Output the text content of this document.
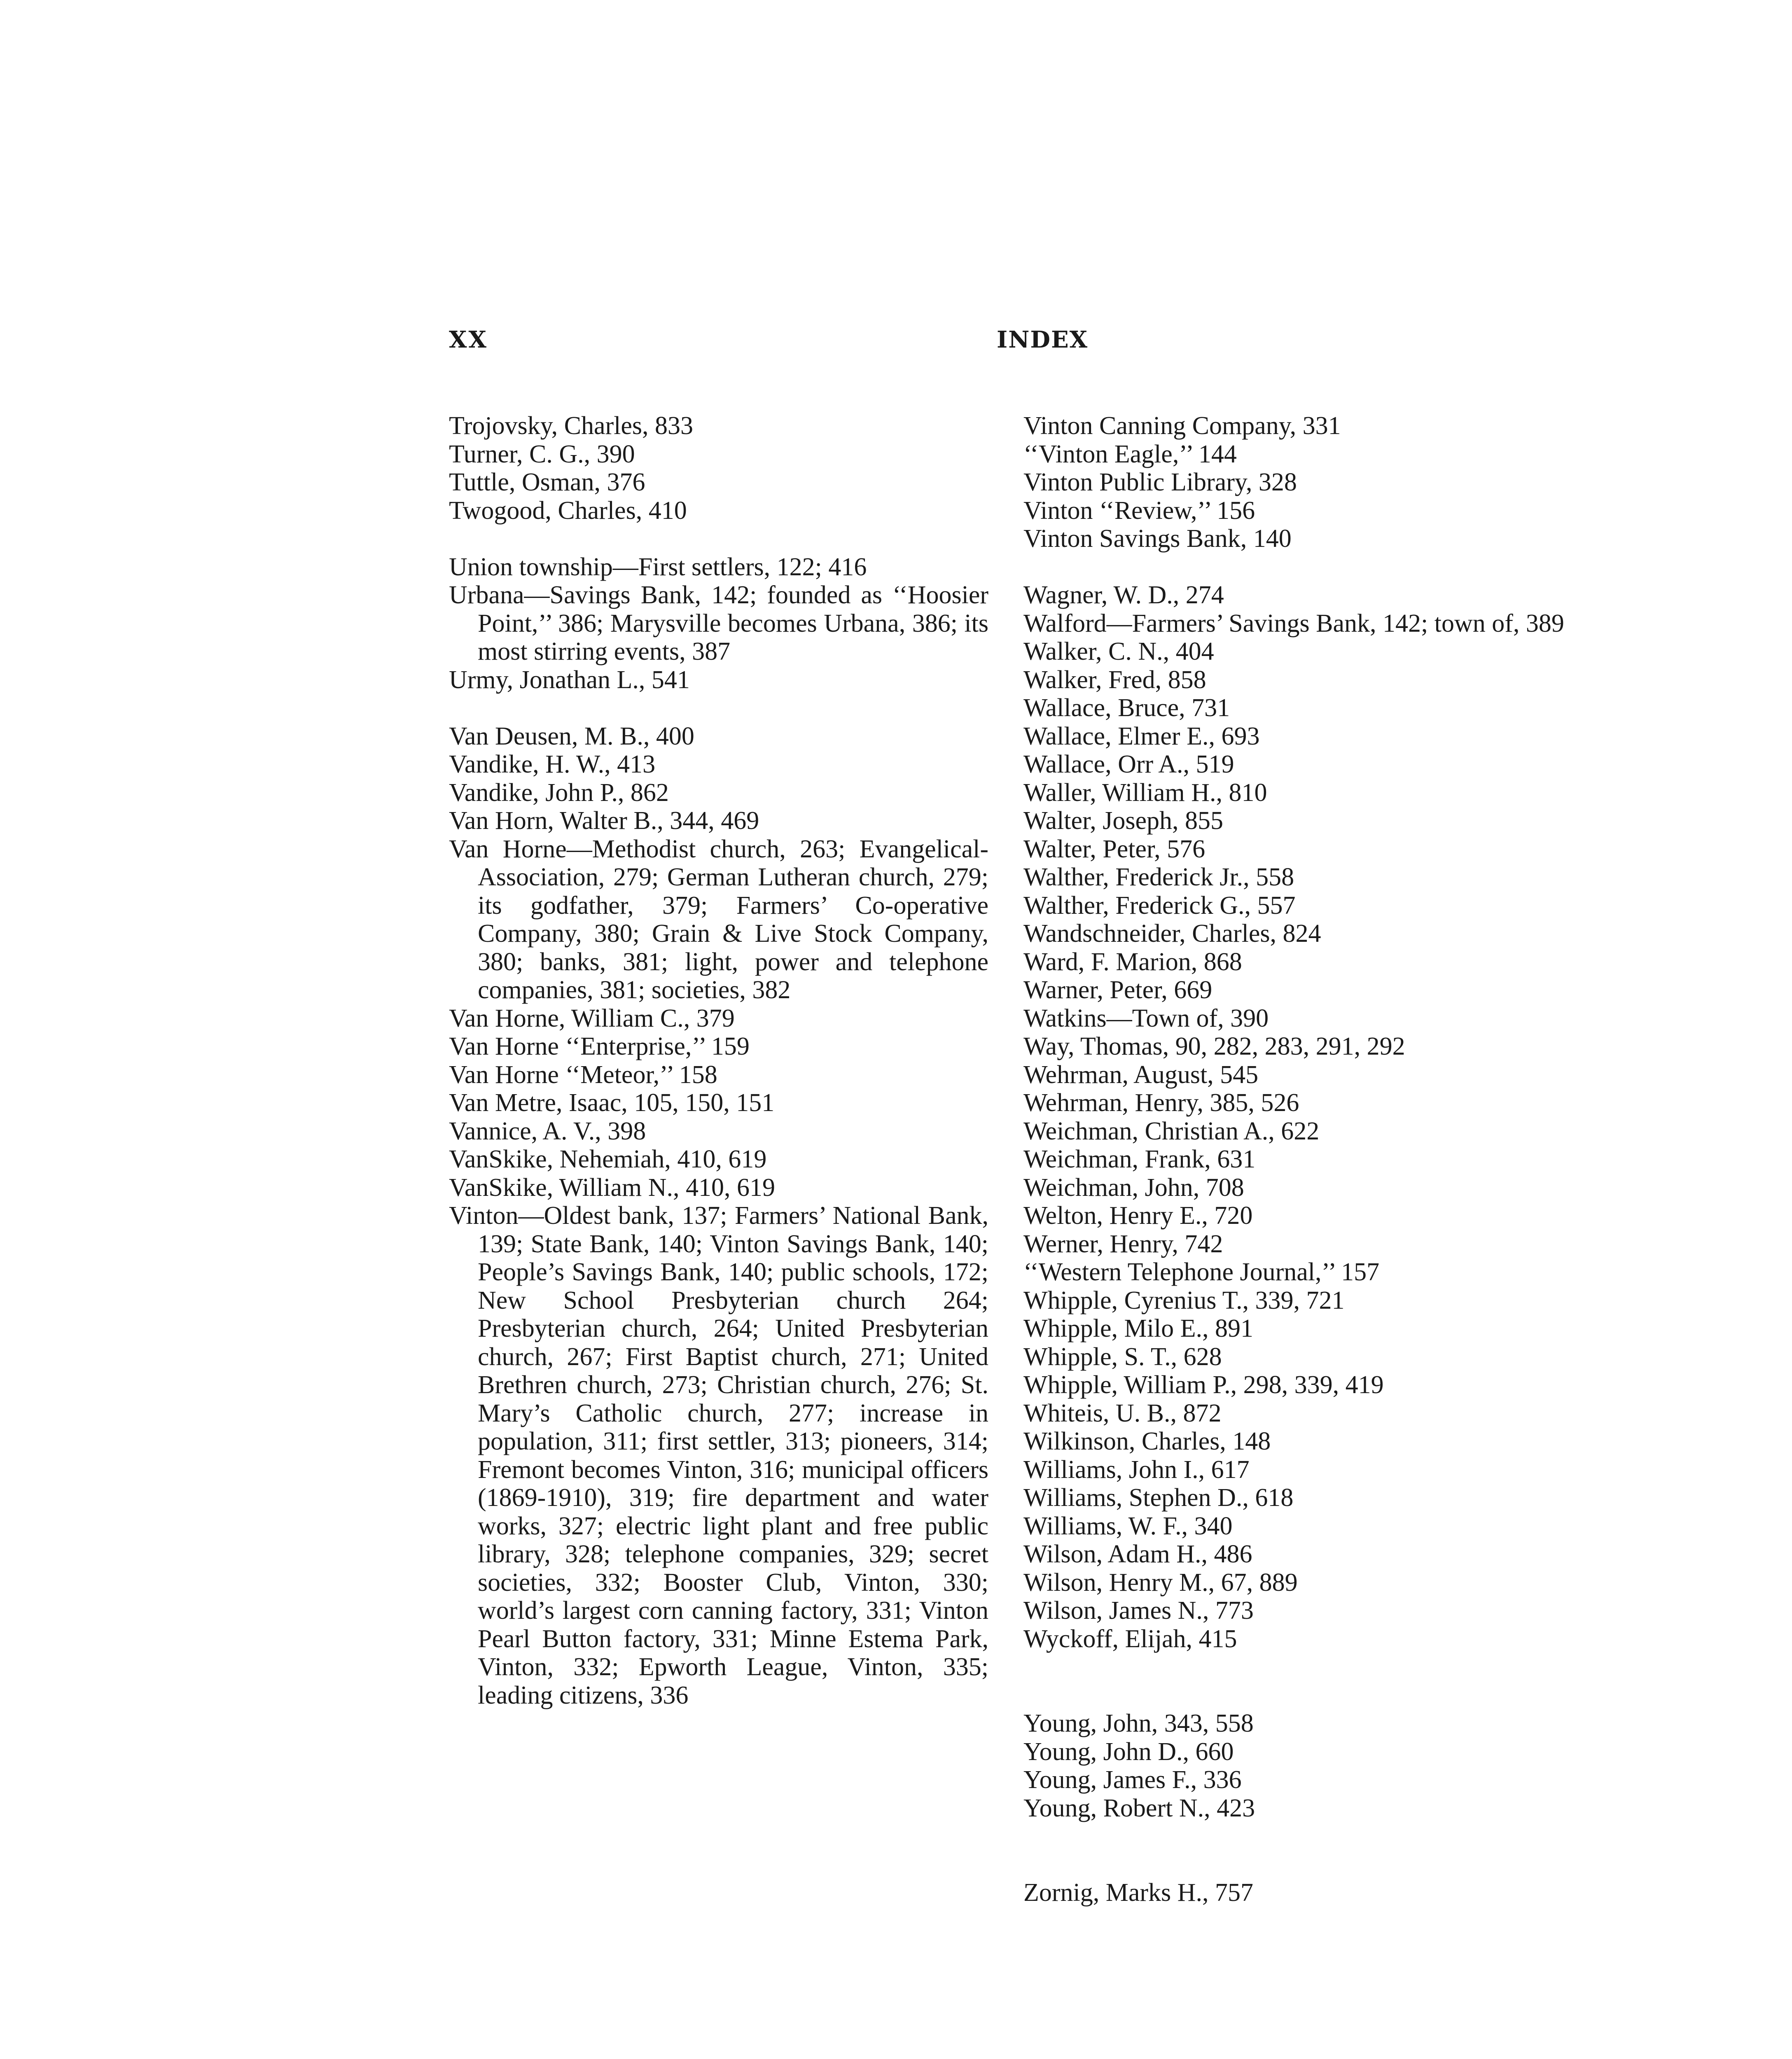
XX	INDEX
Trojovsky, Charles, 833
Turner, C. G., 390
Tuttle, Osman, 376
Twogood, Charles, 410
Union township—First settlers, 122; 416
Urbana—Savings Bank, 142; founded as ‘‘Hoosier Point,’’ 386; Marysville becomes Urbana, 386; its most stirring events, 387
Urmy, Jonathan L., 541
Van Deusen, M. B., 400
Vandike, H. W., 413
Vandike, John P., 862
Van Horn, Walter B., 344, 469
Van Horne—Methodist church, 263; Evangelical- Association, 279; German Lutheran church, 279; its godfather, 379; Farmers’ Co-operative Company, 380; Grain & Live Stock Company, 380; banks, 381; light, power and telephone companies, 381; societies, 382
Van Horne, William C., 379
Van Horne ‘‘Enterprise,’’ 159
Van Horne ‘‘Meteor,’’ 158
Van Metre, Isaac, 105, 150, 151
Vannice, A. V., 398
VanSkike, Nehemiah, 410, 619
VanSkike, William N., 410, 619
Vinton—Oldest bank, 137; Farmers’ National Bank, 139; State Bank, 140; Vinton Savings Bank, 140; People’s Savings Bank, 140; public schools, 172; New School Presbyterian church 264; Presbyterian church, 264; United Presbyterian church, 267; First Baptist church, 271; United Brethren church, 273; Christian church, 276; St. Mary’s Catholic church, 277; increase in population, 311; first settler, 313; pioneers, 314; Fremont becomes Vinton, 316; municipal officers (1869-1910), 319; fire department and water works, 327; electric light plant and free public library, 328; telephone companies, 329; secret societies, 332; Booster Club, Vinton, 330; world’s largest corn canning factory, 331; Vinton Pearl Button factory, 331; Minne Estema Park, Vinton, 332; Epworth League, Vinton, 335; leading citizens, 336
Vinton Canning Company, 331
‘‘Vinton Eagle,’’ 144
Vinton Public Library, 328
Vinton ‘‘Review,’’ 156
Vinton Savings Bank, 140
Wagner, W. D., 274
Walford—Farmers’ Savings Bank, 142; town of, 389
Walker, C. N., 404
Walker, Fred, 858
Wallace, Bruce, 731
Wallace, Elmer E., 693
Wallace, Orr A., 519
Waller, William H., 810
Walter, Joseph, 855
Walter, Peter, 576
Walther, Frederick Jr., 558
Walther, Frederick G., 557
Wandschneider, Charles, 824
Ward, F. Marion, 868
Warner, Peter, 669
Watkins—Town of, 390
Way, Thomas, 90, 282, 283, 291, 292
Wehrman, August, 545
Wehrman, Henry, 385, 526
Weichman, Christian A., 622
Weichman, Frank, 631
Weichman, John, 708
Welton, Henry E., 720
Werner, Henry, 742
‘‘Western Telephone Journal,’’ 157
Whipple, Cyrenius T., 339, 721
Whipple, Milo E., 891
Whipple, S. T., 628
Whipple, William P., 298, 339, 419
Whiteis, U. B., 872
Wilkinson, Charles, 148
Williams, John I., 617
Williams, Stephen D., 618
Williams, W. F., 340
Wilson, Adam H., 486
Wilson, Henry M., 67, 889
Wilson, James N., 773
Wyckoff, Elijah, 415
Young, John, 343, 558
Young, John D., 660
Young, James F., 336
Young, Robert N., 423
Zornig, Marks H., 757
